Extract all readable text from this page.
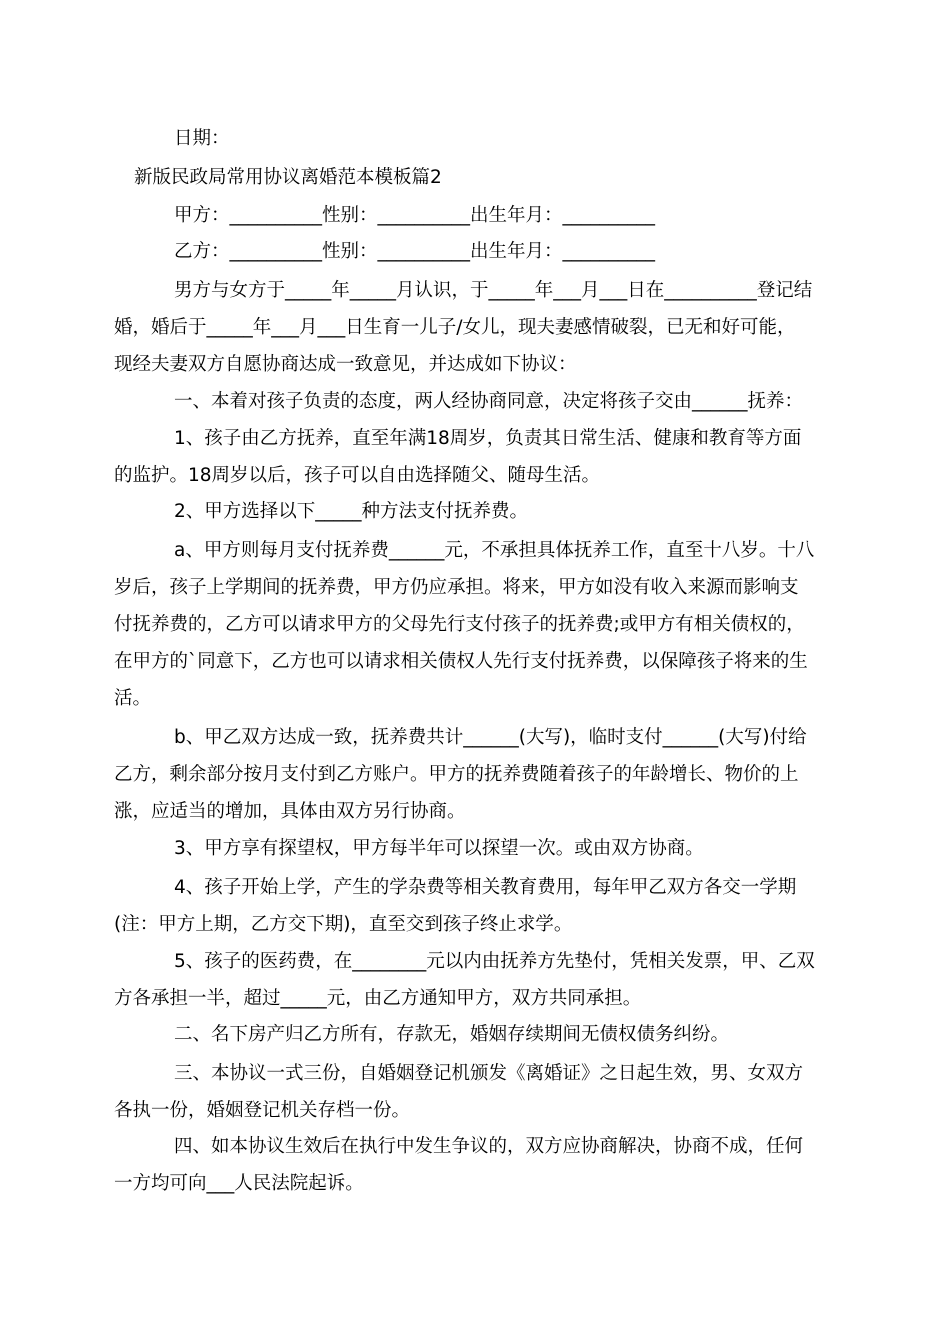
日期：
新版民政局常用协议离婚范本模板篇2
甲方：__________性别：__________出生年月：__________
乙方：__________性别：__________出生年月：__________
男方与女方于_____年_____月认识，于_____年___月___日在__________登记结
婚，婚后于_____年___月___日生育一儿子/女儿，现夫妻感情破裂，已无和好可能，
现经夫妻双方自愿协商达成一致意见，并达成如下协议：
一、本着对孩子负责的态度，两人经协商同意，决定将孩子交由______抚养：
1、孩子由乙方抚养，直至年满18周岁，负责其日常生活、健康和教育等方面
的监护。18周岁以后，孩子可以自由选择随父、随母生活。
2、甲方选择以下_____种方法支付抚养费。
a、甲方则每月支付抚养费______元，不承担具体抚养工作，直至十八岁。十八
岁后，孩子上学期间的抚养费，甲方仍应承担。将来，甲方如没有收入来源而影响支
付抚养费的，乙方可以请求甲方的父母先行支付孩子的抚养费;或甲方有相关债权的，
在甲方的`同意下，乙方也可以请求相关债权人先行支付抚养费，以保障孩子将来的生
活。
b、甲乙双方达成一致，抚养费共计______(大写)，临时支付______(大写)付给
乙方，剩余部分按月支付到乙方账户。甲方的抚养费随着孩子的年龄增长、物价的上
涨，应适当的增加，具体由双方另行协商。
3、甲方享有探望权，甲方每半年可以探望一次。或由双方协商。
4、孩子开始上学，产生的学杂费等相关教育费用，每年甲乙双方各交一学期
(注：甲方上期，乙方交下期)，直至交到孩子终止求学。
5、孩子的医药费，在________元以内由抚养方先垫付，凭相关发票，甲、乙双
方各承担一半，超过_____元，由乙方通知甲方，双方共同承担。
二、名下房产归乙方所有，存款无，婚姻存续期间无债权债务纠纷。
三、本协议一式三份，自婚姻登记机颁发《离婚证》之日起生效，男、女双方
各执一份，婚姻登记机关存档一份。
四、如本协议生效后在执行中发生争议的，双方应协商解决，协商不成，任何
一方均可向___人民法院起诉。
